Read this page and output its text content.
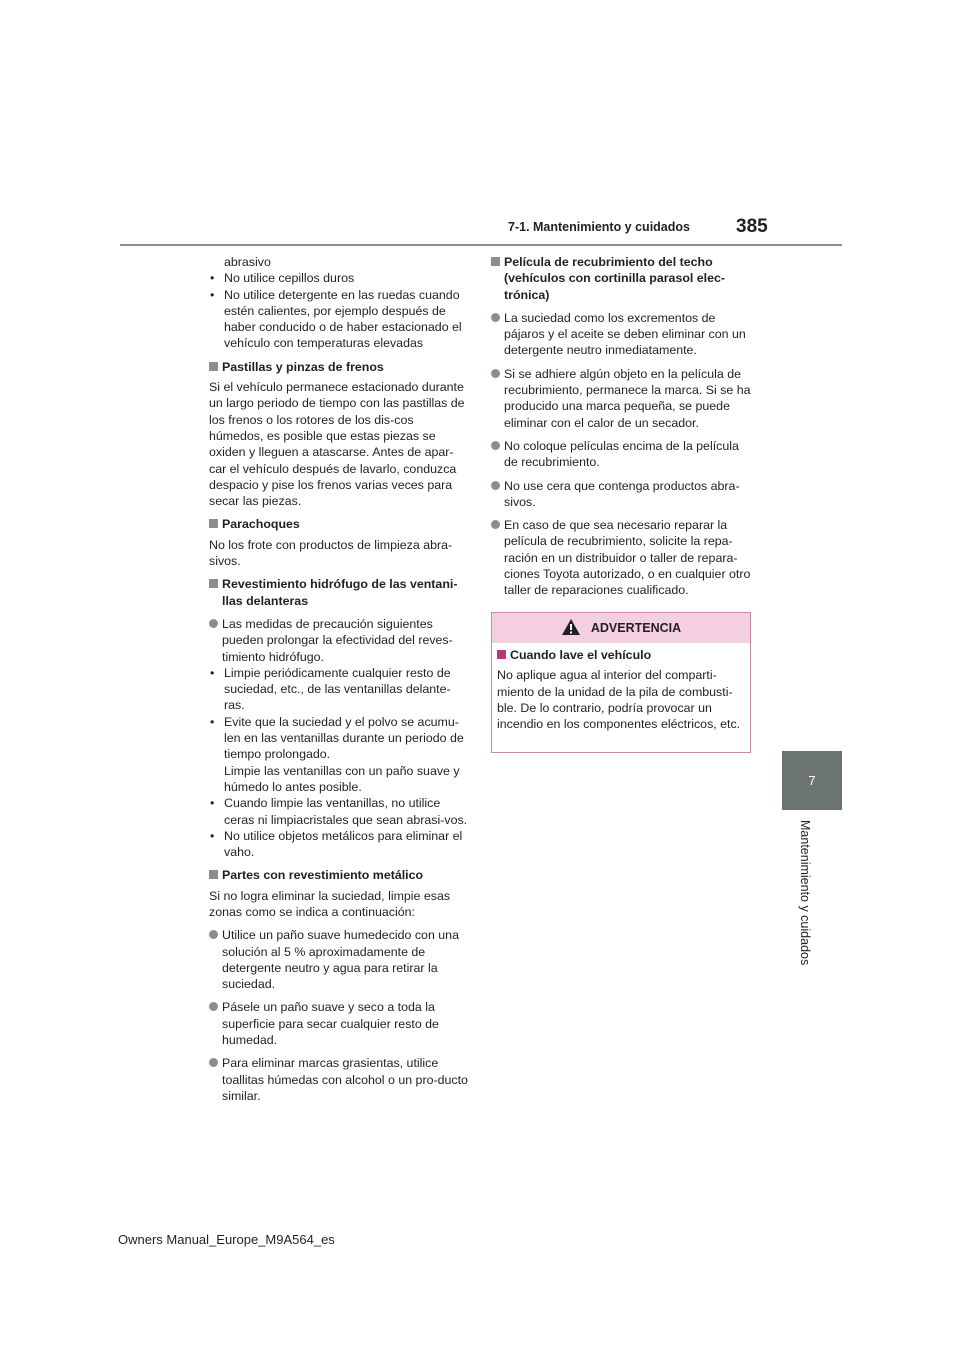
7-1. Mantenimiento y cuidados 385
7
Mantenimiento y cuidados
abrasivo
• No utilice cepillos duros
• No utilice detergente en las ruedas cuando estén calientes, por ejemplo después de haber conducido o de haber estacionado el vehículo con temperaturas elevadas
Pastillas y pinzas de frenos

Si el vehículo permanece estacionado durante un largo periodo de tiempo con las pastillas de los frenos o los rotores de los dis-cos húmedos, es posible que estas piezas se oxiden y lleguen a atascarse. Antes de apar-car el vehículo después de lavarlo, conduzca despacio y pise los frenos varias veces para secar las piezas.

Parachoques

No los frote con productos de limpieza abra-sivos.

Revestimiento hidrófugo de las ventani-llas delanteras
Las medidas de precaución siguientes pueden prolongar la efectividad del reves-timiento hidrófugo.
• Limpie periódicamente cualquier resto de suciedad, etc., de las ventanillas delante-ras.
• Evite que la suciedad y el polvo se acumu-len en las ventanillas durante un periodo de tiempo prolongado.
Limpie las ventanillas con un paño suave y húmedo lo antes posible.
• Cuando limpie las ventanillas, no utilice ceras ni limpiacristales que sean abrasi-vos.
• No utilice objetos metálicos para eliminar el vaho.
Partes con revestimiento metálico

Si no logra eliminar la suciedad, limpie esas zonas como se indica a continuación:

Utilice un paño suave humedecido con una solución al 5 % aproximadamente de detergente neutro y agua para retirar la suciedad.
Pásele un paño suave y seco a toda la superficie para secar cualquier resto de humedad.
Para eliminar marcas grasientas, utilice toallitas húmedas con alcohol o un pro-ducto similar.
Película de recubrimiento del techo (vehículos con cortinilla parasol elec-trónica)
La suciedad como los excrementos de pájaros y el aceite se deben eliminar con un detergente neutro inmediatamente.
Si se adhiere algún objeto en la película de recubrimiento, permanece la marca. Si se ha producido una marca pequeña, se puede eliminar con el calor de un secador.
No coloque películas encima de la película de recubrimiento.
No use cera que contenga productos abra-sivos.
En caso de que sea necesario reparar la película de recubrimiento, solicite la repa-ración en un distribuidor o taller de repara-ciones Toyota autorizado, o en cualquier otro taller de reparaciones cualificado.
ADVERTENCIA
Cuando lave el vehículo

No aplique agua al interior del comparti-miento de la unidad de la pila de combusti-ble. De lo contrario, podría provocar un incendio en los componentes eléctricos, etc.

Owners Manual_Europe_M9A564_es
